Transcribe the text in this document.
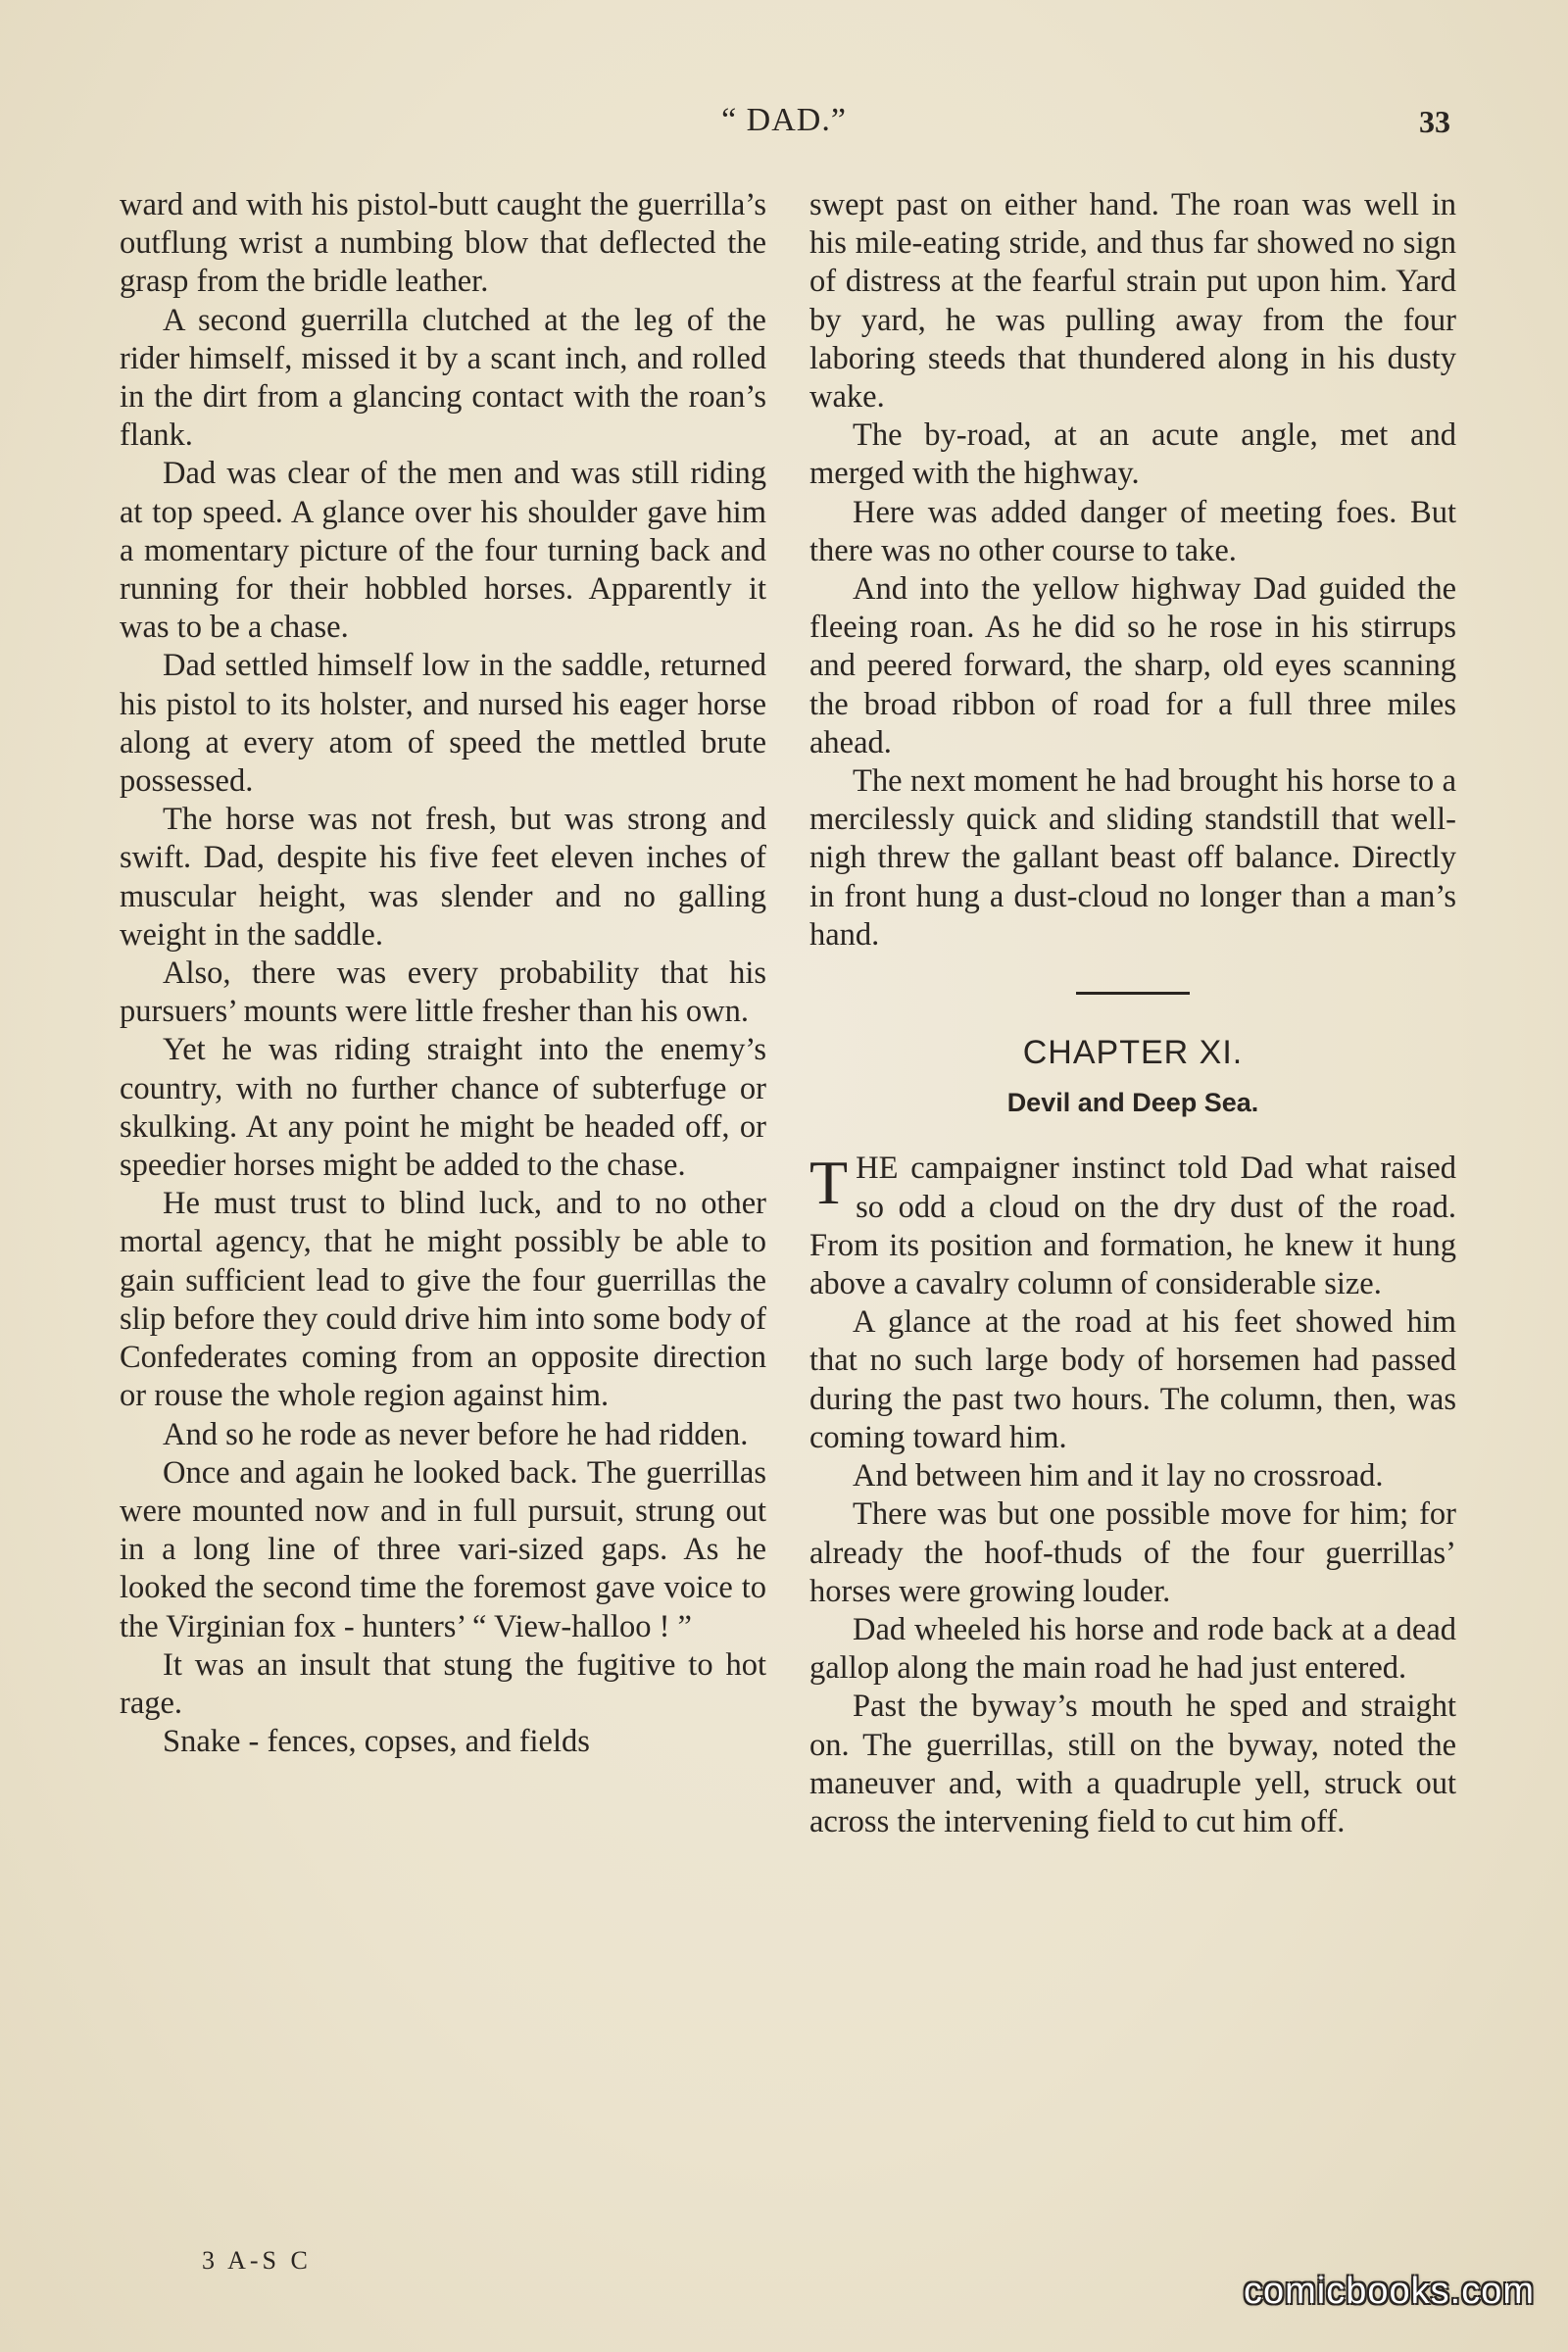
“ DAD.”	33

ward and with his pistol-butt caught the guerrilla’s outflung wrist a numbing blow that deflected the grasp from the bridle leather.

A second guerrilla clutched at the leg of the rider himself, missed it by a scant inch, and rolled in the dirt from a glancing contact with the roan’s flank.

Dad was clear of the men and was still riding at top speed. A glance over his shoulder gave him a momentary picture of the four turning back and running for their hobbled horses. Apparently it was to be a chase.

Dad settled himself low in the saddle, returned his pistol to its holster, and nursed his eager horse along at every atom of speed the mettled brute possessed.

The horse was not fresh, but was strong and swift. Dad, despite his five feet eleven inches of muscular height, was slender and no galling weight in the saddle.

Also, there was every probability that his pursuers’ mounts were little fresher than his own.

Yet he was riding straight into the enemy’s country, with no further chance of subterfuge or skulking. At any point he might be headed off, or speedier horses might be added to the chase.

He must trust to blind luck, and to no other mortal agency, that he might possibly be able to gain sufficient lead to give the four guerrillas the slip before they could drive him into some body of Confederates coming from an opposite direction or rouse the whole region against him.

And so he rode as never before he had ridden.

Once and again he looked back. The guerrillas were mounted now and in full pursuit, strung out in a long line of three vari-sized gaps. As he looked the second time the foremost gave voice to the Virginian fox - hunters’ “ View-halloo ! ”

It was an insult that stung the fugitive to hot rage.

Snake - fences, copses, and fields

swept past on either hand. The roan was well in his mile-eating stride, and thus far showed no sign of distress at the fearful strain put upon him. Yard by yard, he was pulling away from the four laboring steeds that thundered along in his dusty wake.

The by-road, at an acute angle, met and merged with the highway.

Here was added danger of meeting foes. But there was no other course to take.

And into the yellow highway Dad guided the fleeing roan. As he did so he rose in his stirrups and peered forward, the sharp, old eyes scanning the broad ribbon of road for a full three miles ahead.

The next moment he had brought his horse to a mercilessly quick and sliding standstill that well-nigh threw the gallant beast off balance. Directly in front hung a dust-cloud no longer than a man’s hand.

CHAPTER XI.
Devil and Deep Sea.

THE campaigner instinct told Dad what raised so odd a cloud on the dry dust of the road. From its position and formation, he knew it hung above a cavalry column of considerable size.

A glance at the road at his feet showed him that no such large body of horsemen had passed during the past two hours. The column, then, was coming toward him.

And between him and it lay no crossroad.

There was but one possible move for him; for already the hoof-thuds of the four guerrillas’ horses were growing louder.

Dad wheeled his horse and rode back at a dead gallop along the main road he had just entered.

Past the byway’s mouth he sped and straight on. The guerrillas, still on the byway, noted the maneuver and, with a quadruple yell, struck out across the intervening field to cut him off.

3 A-S C
comicbooks.com
